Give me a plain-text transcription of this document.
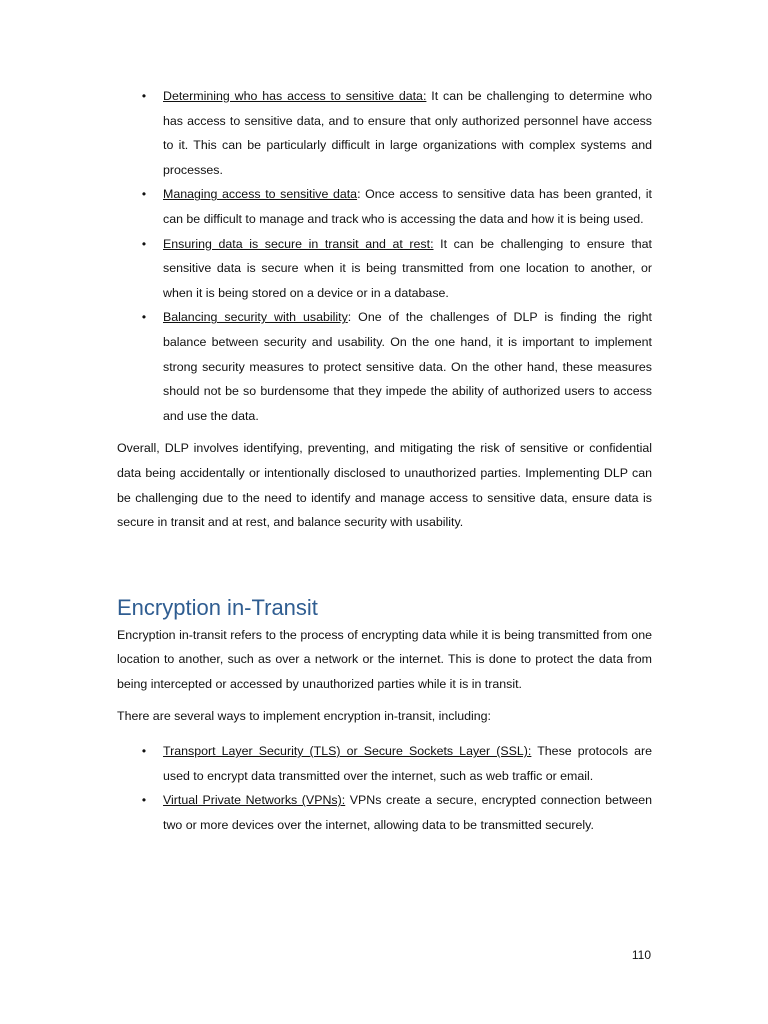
• Determining who has access to sensitive data: It can be challenging to determine who has access to sensitive data, and to ensure that only authorized personnel have access to it. This can be particularly difficult in large organizations with complex systems and processes.
• Managing access to sensitive data: Once access to sensitive data has been granted, it can be difficult to manage and track who is accessing the data and how it is being used.
• Ensuring data is secure in transit and at rest: It can be challenging to ensure that sensitive data is secure when it is being transmitted from one location to another, or when it is being stored on a device or in a database.
• Balancing security with usability: One of the challenges of DLP is finding the right balance between security and usability. On the one hand, it is important to implement strong security measures to protect sensitive data. On the other hand, these measures should not be so burdensome that they impede the ability of authorized users to access and use the data.

Overall, DLP involves identifying, preventing, and mitigating the risk of sensitive or confidential data being accidentally or intentionally disclosed to unauthorized parties. Implementing DLP can be challenging due to the need to identify and manage access to sensitive data, ensure data is secure in transit and at rest, and balance security with usability.

Encryption in-Transit

Encryption in-transit refers to the process of encrypting data while it is being transmitted from one location to another, such as over a network or the internet. This is done to protect the data from being intercepted or accessed by unauthorized parties while it is in transit.

There are several ways to implement encryption in-transit, including:

• Transport Layer Security (TLS) or Secure Sockets Layer (SSL): These protocols are used to encrypt data transmitted over the internet, such as web traffic or email.
• Virtual Private Networks (VPNs): VPNs create a secure, encrypted connection between two or more devices over the internet, allowing data to be transmitted securely.
110
